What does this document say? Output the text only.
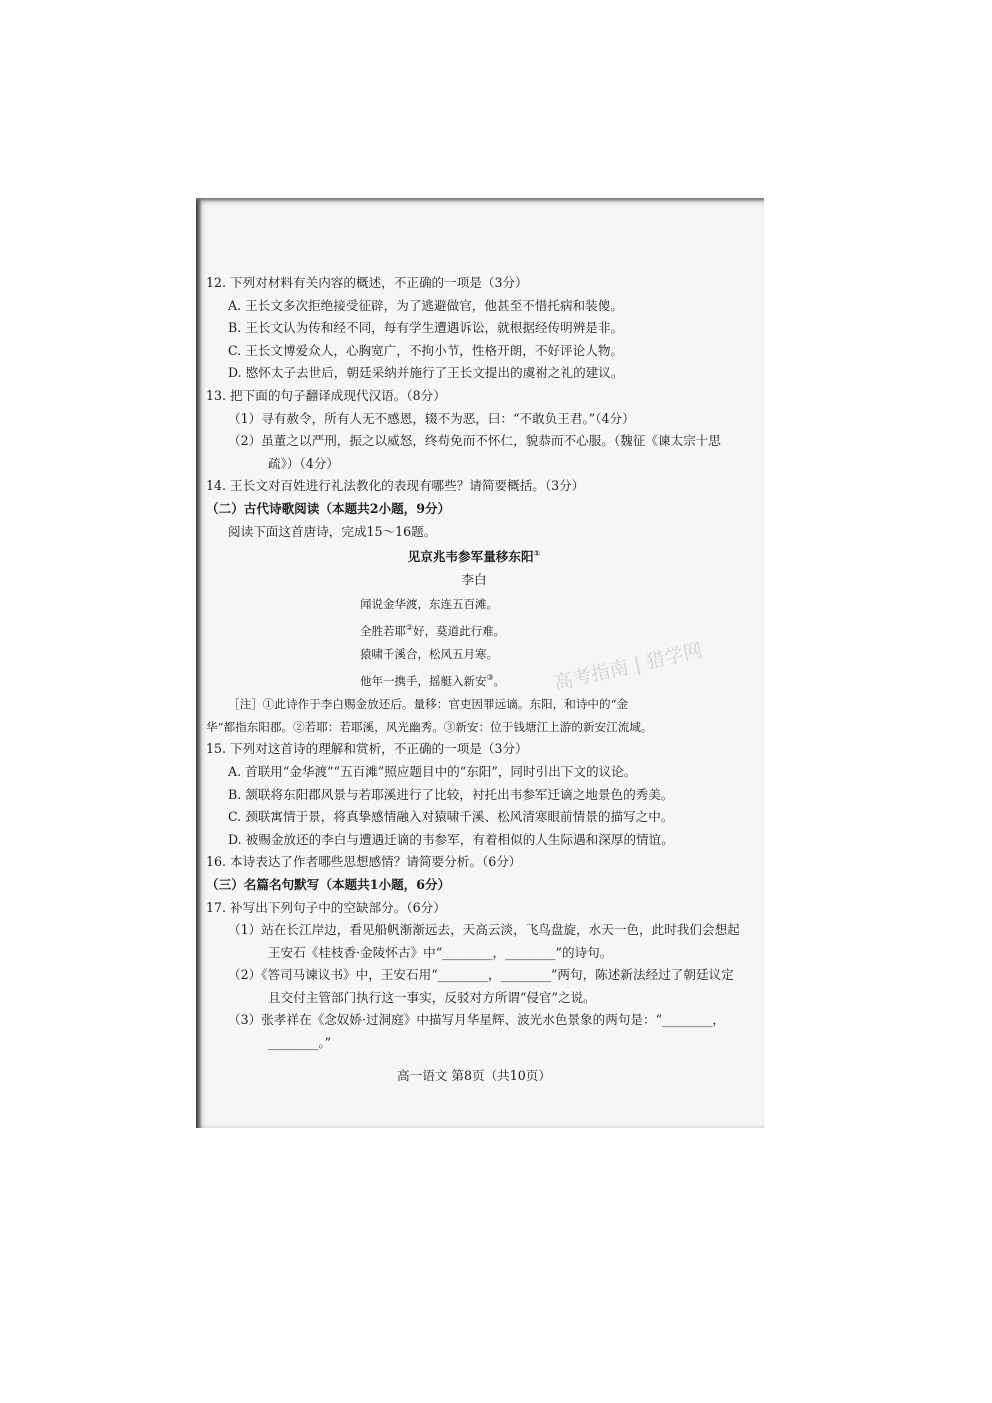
12. 下列对材料有关内容的概述，不正确的一项是（3分）
A. 王长文多次拒绝接受征辟，为了逃避做官，他甚至不惜托病和装傻。
B. 王长文认为传和经不同，每有学生遭遇诉讼，就根据经传明辨是非。
C. 王长文博爱众人，心胸宽广，不拘小节，性格开朗，不好评论人物。
D. 愍怀太子去世后，朝廷采纳并施行了王长文提出的虞祔之礼的建议。
13. 把下面的句子翻译成现代汉语。（8分）
（1）寻有赦令，所有人无不感恩，辍不为恶，曰：“不敢负王君。”（4分）
（2）虽董之以严刑，振之以威怒，终苟免而不怀仁，貌恭而不心服。（魏征《谏太宗十思疏》）（4分）
14. 王长文对百姓进行礼法教化的表现有哪些？请简要概括。（3分）
（二）古代诗歌阅读（本题共2小题，9分）
阅读下面这首唐诗，完成15～16题。
见京兆韦参军量移东阳①
李白
闻说金华渡，东连五百滩。
全胜若耶②好，莫道此行难。
猿啸千溪合，松风五月寒。
他年一携手，摇艇入新安③。
［注］①此诗作于李白赐金放还后。量移：官吏因罪远谪。东阳，和诗中的“金
华”都指东阳郡。②若耶：若耶溪，风光幽秀。③新安：位于钱塘江上游的新安江流域。
15. 下列对这首诗的理解和赏析，不正确的一项是（3分）
A. 首联用“金华渡”“五百滩”照应题目中的“东阳”，同时引出下文的议论。
B. 颔联将东阳郡风景与若耶溪进行了比较，衬托出韦参军迁谪之地景色的秀美。
C. 颈联寓情于景，将真挚感情融入对猿啸千溪、松风清寒眼前情景的描写之中。
D. 被赐金放还的李白与遭遇迁谪的韦参军，有着相似的人生际遇和深厚的情谊。
16. 本诗表达了作者哪些思想感情？请简要分析。（6分）
（三）名篇名句默写（本题共1小题，6分）
17. 补写出下列句子中的空缺部分。（6分）
（1）站在长江岸边，看见船帆渐渐远去，天高云淡，飞鸟盘旋，水天一色，此时我们会想起王安石《桂枝香·金陵怀古》中“________，________”的诗句。
（2）《答司马谏议书》中，王安石用“________，________”两句，陈述新法经过了朝廷议定且交付主管部门执行这一事实，反驳对方所谓“侵官”之说。
（3）张孝祥在《念奴娇·过洞庭》中描写月华星辉、波光水色景象的两句是：“________，________。”
高一语文 第8页（共10页）
高考指南 | 猎学网
